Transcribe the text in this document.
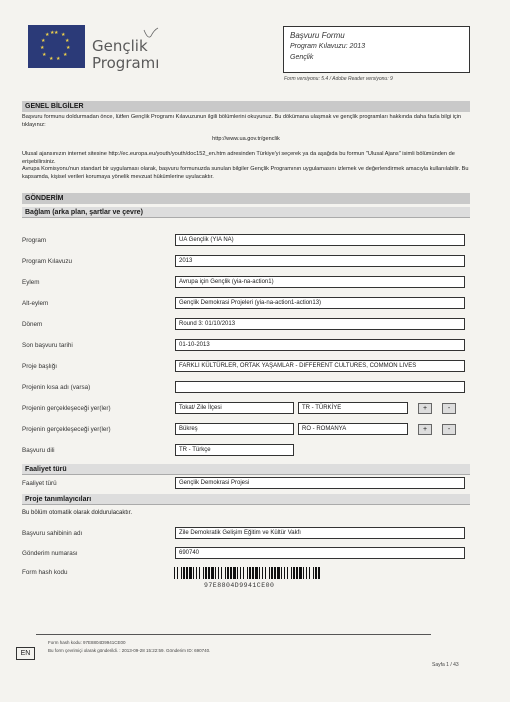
★ ★
★
★
★
★
★
★
★
★
★ ★
Gençlik
Programı
Başvuru Formu
Program Kılavuzu: 2013
Gençlik
Form versiyonu: 5.4 / Adobe Reader versiyonu: 9
GENEL BİLGİLER
Başvuru formunu doldurmadan önce, lütfen Gençlik Programı Kılavuzunun ilgili bölümlerini okuyunuz. Bu dökümana ulaşmak ve gençlik programları hakkında daha fazla bilgi için tıklayınız:
http://www.ua.gov.tr/genclik
Ulusal ajansınızın internet sitesine http://ec.europa.eu/youth/youth/doc152_en.htm adresinden Türkiye'yi seçerek ya da aşağıda bu formun "Ulusal Ajans" isimli bölümünden de erişebilirsiniz.
Avrupa Komisyonu'nun standart bir uygulaması olarak, başvuru formunuzda sunulan bilgiler Gençlik Programının uygulamasını izlemek ve değerlendirmek amacıyla kullanılabilir. Bu kapsamda, kişisel verileri korumaya yönelik mevzuat hükümlerine uyulacaktır.
GÖNDERİM
Bağlam (arka plan, şartlar ve çevre)
Program	UA Gençlik (YIA NA)
Program Kılavuzu	2013
Eylem	Avrupa için Gençlik (yia-na-action1)
Alt-eylem	Gençlik Demokrasi Projeleri (yia-na-action1-action13)
Dönem	Round 3: 01/10/2013
Son başvuru tarihi	01-10-2013
Proje başlığı	FARKLI KÜLTÜRLER, ORTAK YAŞAMLAR - DIFFERENT CULTURES, COMMON LIVES
Projenin kısa adı (varsa)
Projenin gerçekleşeceği yer(ler)	Tokat/ Zile İlçesi	TR - TÜRKİYE	+	-
Projenin gerçekleşeceği yer(ler)	Bükreş	RO - ROMANYA	+	-
Başvuru dili	TR - Türkçe
Faaliyet türü
Faaliyet türü	Gençlik Demokrasi Projesi
Proje tanımlayıcıları
Bu bölüm otomatik olarak doldurulacaktır.
Başvuru sahibinin adı	Zile Demokratik Gelişim Eğitim ve Kültür Vakfı
Gönderim numarası	690740
Form hash kodu
97E8804D9941CE00
Form hash kodu: 97E8804D9941CE00
Bu form çevrimiçi olarak gönderildi. : 2013-09-28 15:22:59. Gönderim ID: 690740.
EN
Sayfa 1 / 43
